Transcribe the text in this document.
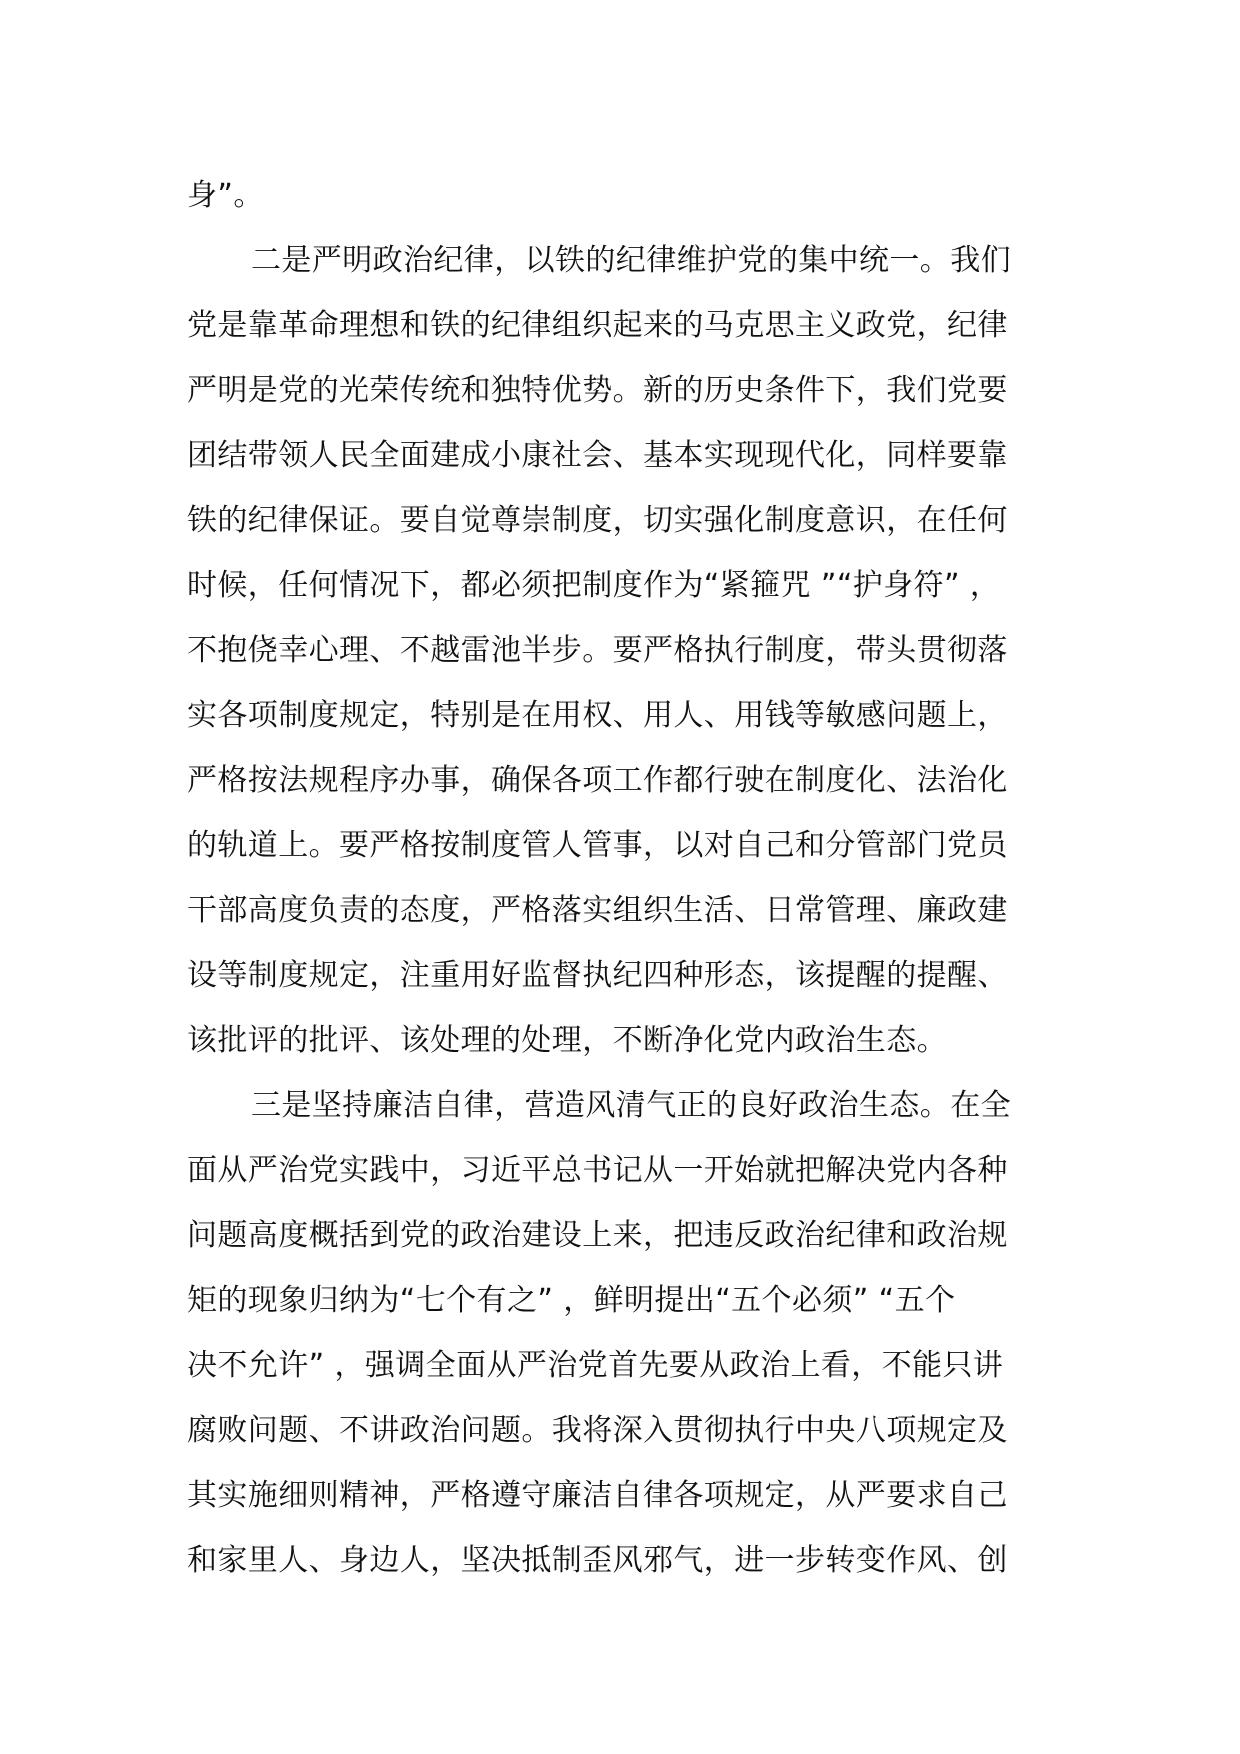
身”。
二是严明政治纪律，以铁的纪律维护党的集中统一。我们
党是靠革命理想和铁的纪律组织起来的马克思主义政党，纪律
严明是党的光荣传统和独特优势。新的历史条件下，我们党要
团结带领人民全面建成小康社会、基本实现现代化，同样要靠
铁的纪律保证。要自觉尊崇制度，切实强化制度意识，在任何
时候，任何情况下，都必须把制度作为“紧箍咒 ”“护身符” ，
不抱侥幸心理、不越雷池半步。要严格执行制度，带头贯彻落
实各项制度规定，特别是在用权、用人、用钱等敏感问题上，
严格按法规程序办事，确保各项工作都行驶在制度化、法治化
的轨道上。要严格按制度管人管事，以对自己和分管部门党员
干部高度负责的态度，严格落实组织生活、日常管理、廉政建
设等制度规定，注重用好监督执纪四种形态，该提醒的提醒、
该批评的批评、该处理的处理，不断净化党内政治生态。
三是坚持廉洁自律，营造风清气正的良好政治生态。在全
面从严治党实践中，习近平总书记从一开始就把解决党内各种
问题高度概括到党的政治建设上来，把违反政治纪律和政治规
矩的现象归纳为“七个有之” ，鲜明提出“五个必须” “五个
决不允许” ，强调全面从严治党首先要从政治上看，不能只讲
腐败问题、不讲政治问题。我将深入贯彻执行中央八项规定及
其实施细则精神，严格遵守廉洁自律各项规定，从严要求自己
和家里人、身边人，坚决抵制歪风邪气，进一步转变作风、创
